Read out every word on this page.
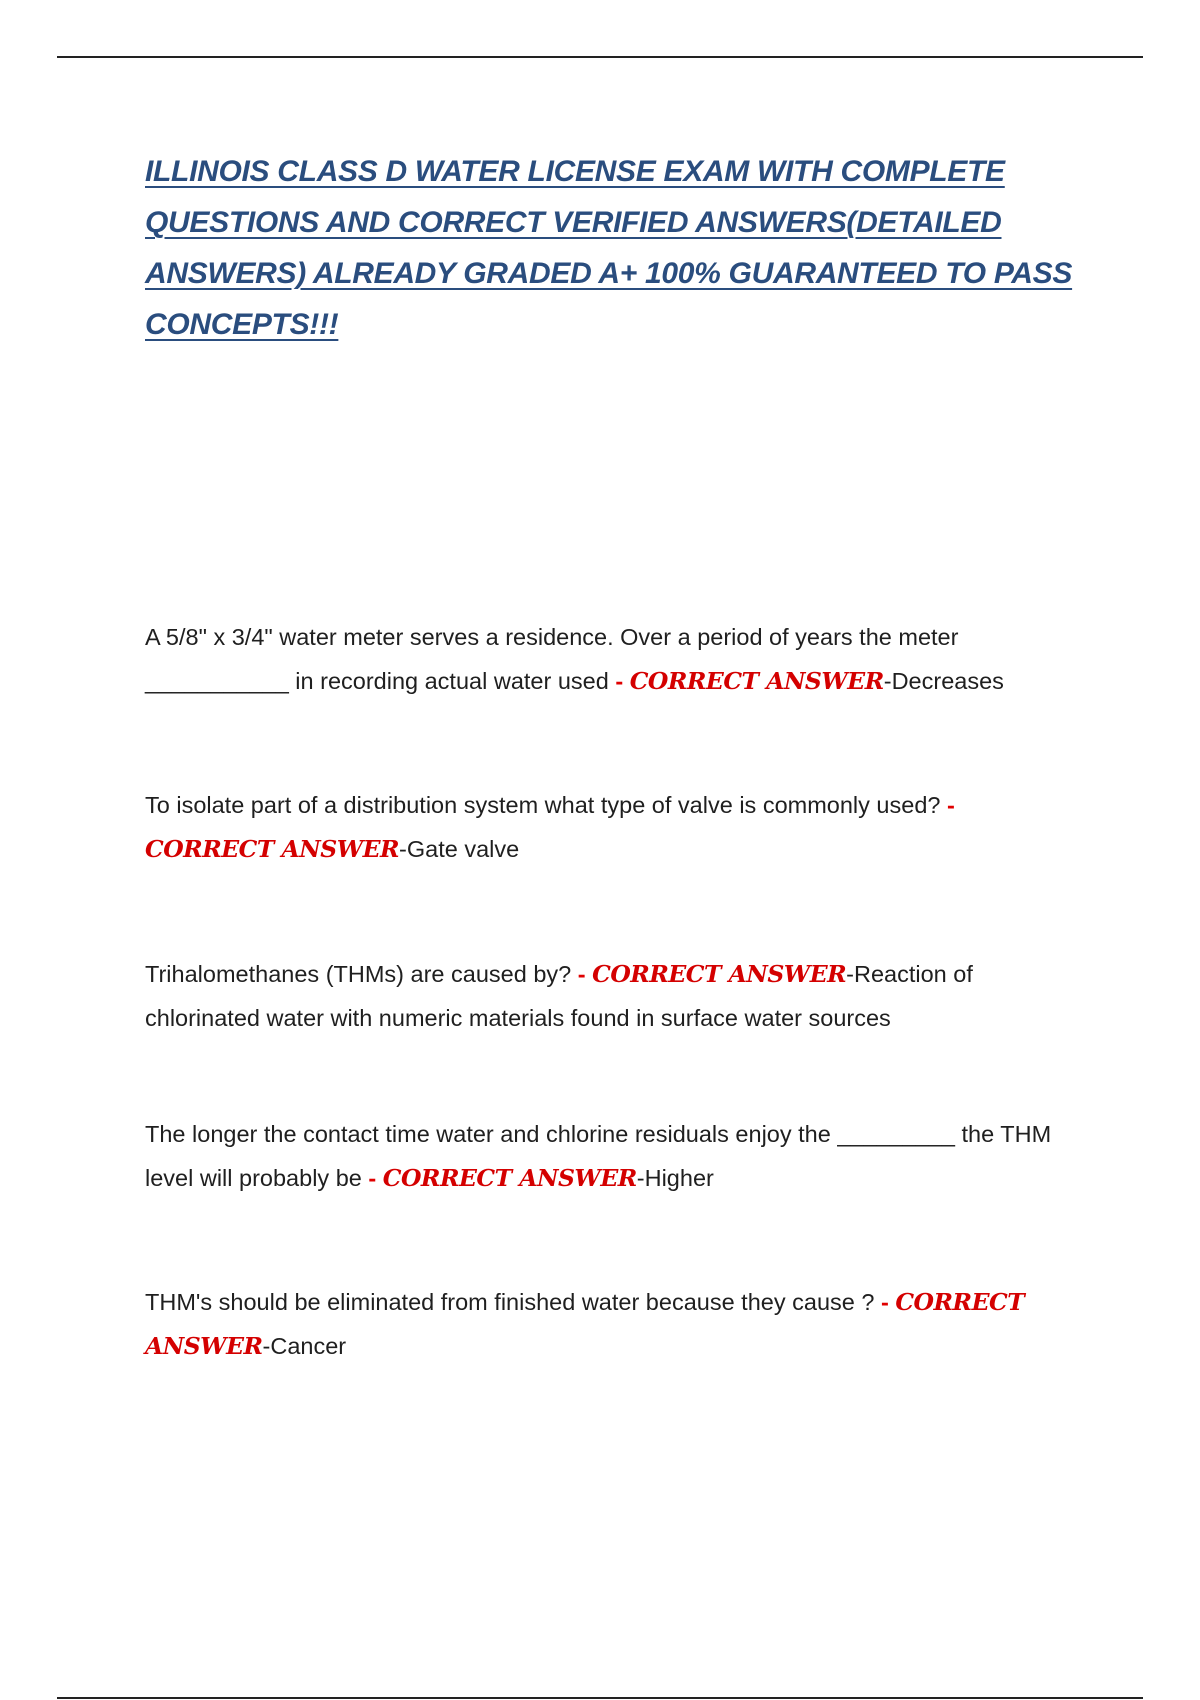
ILLINOIS CLASS D WATER LICENSE EXAM WITH COMPLETE QUESTIONS AND CORRECT VERIFIED ANSWERS(DETAILED ANSWERS) ALREADY GRADED A+ 100% GUARANTEED TO PASS CONCEPTS!!!

A 5/8" x 3/4" water meter serves a residence. Over a period of years the meter ___________ in recording actual water used - CORRECT ANSWER-Decreases

To isolate part of a distribution system what type of valve is commonly used? - CORRECT ANSWER-Gate valve

Trihalomethanes (THMs) are caused by? - CORRECT ANSWER-Reaction of chlorinated water with numeric materials found in surface water sources

The longer the contact time water and chlorine residuals enjoy the _________ the THM level will probably be - CORRECT ANSWER-Higher

THM's should be eliminated from finished water because they cause ? - CORRECT ANSWER-Cancer
